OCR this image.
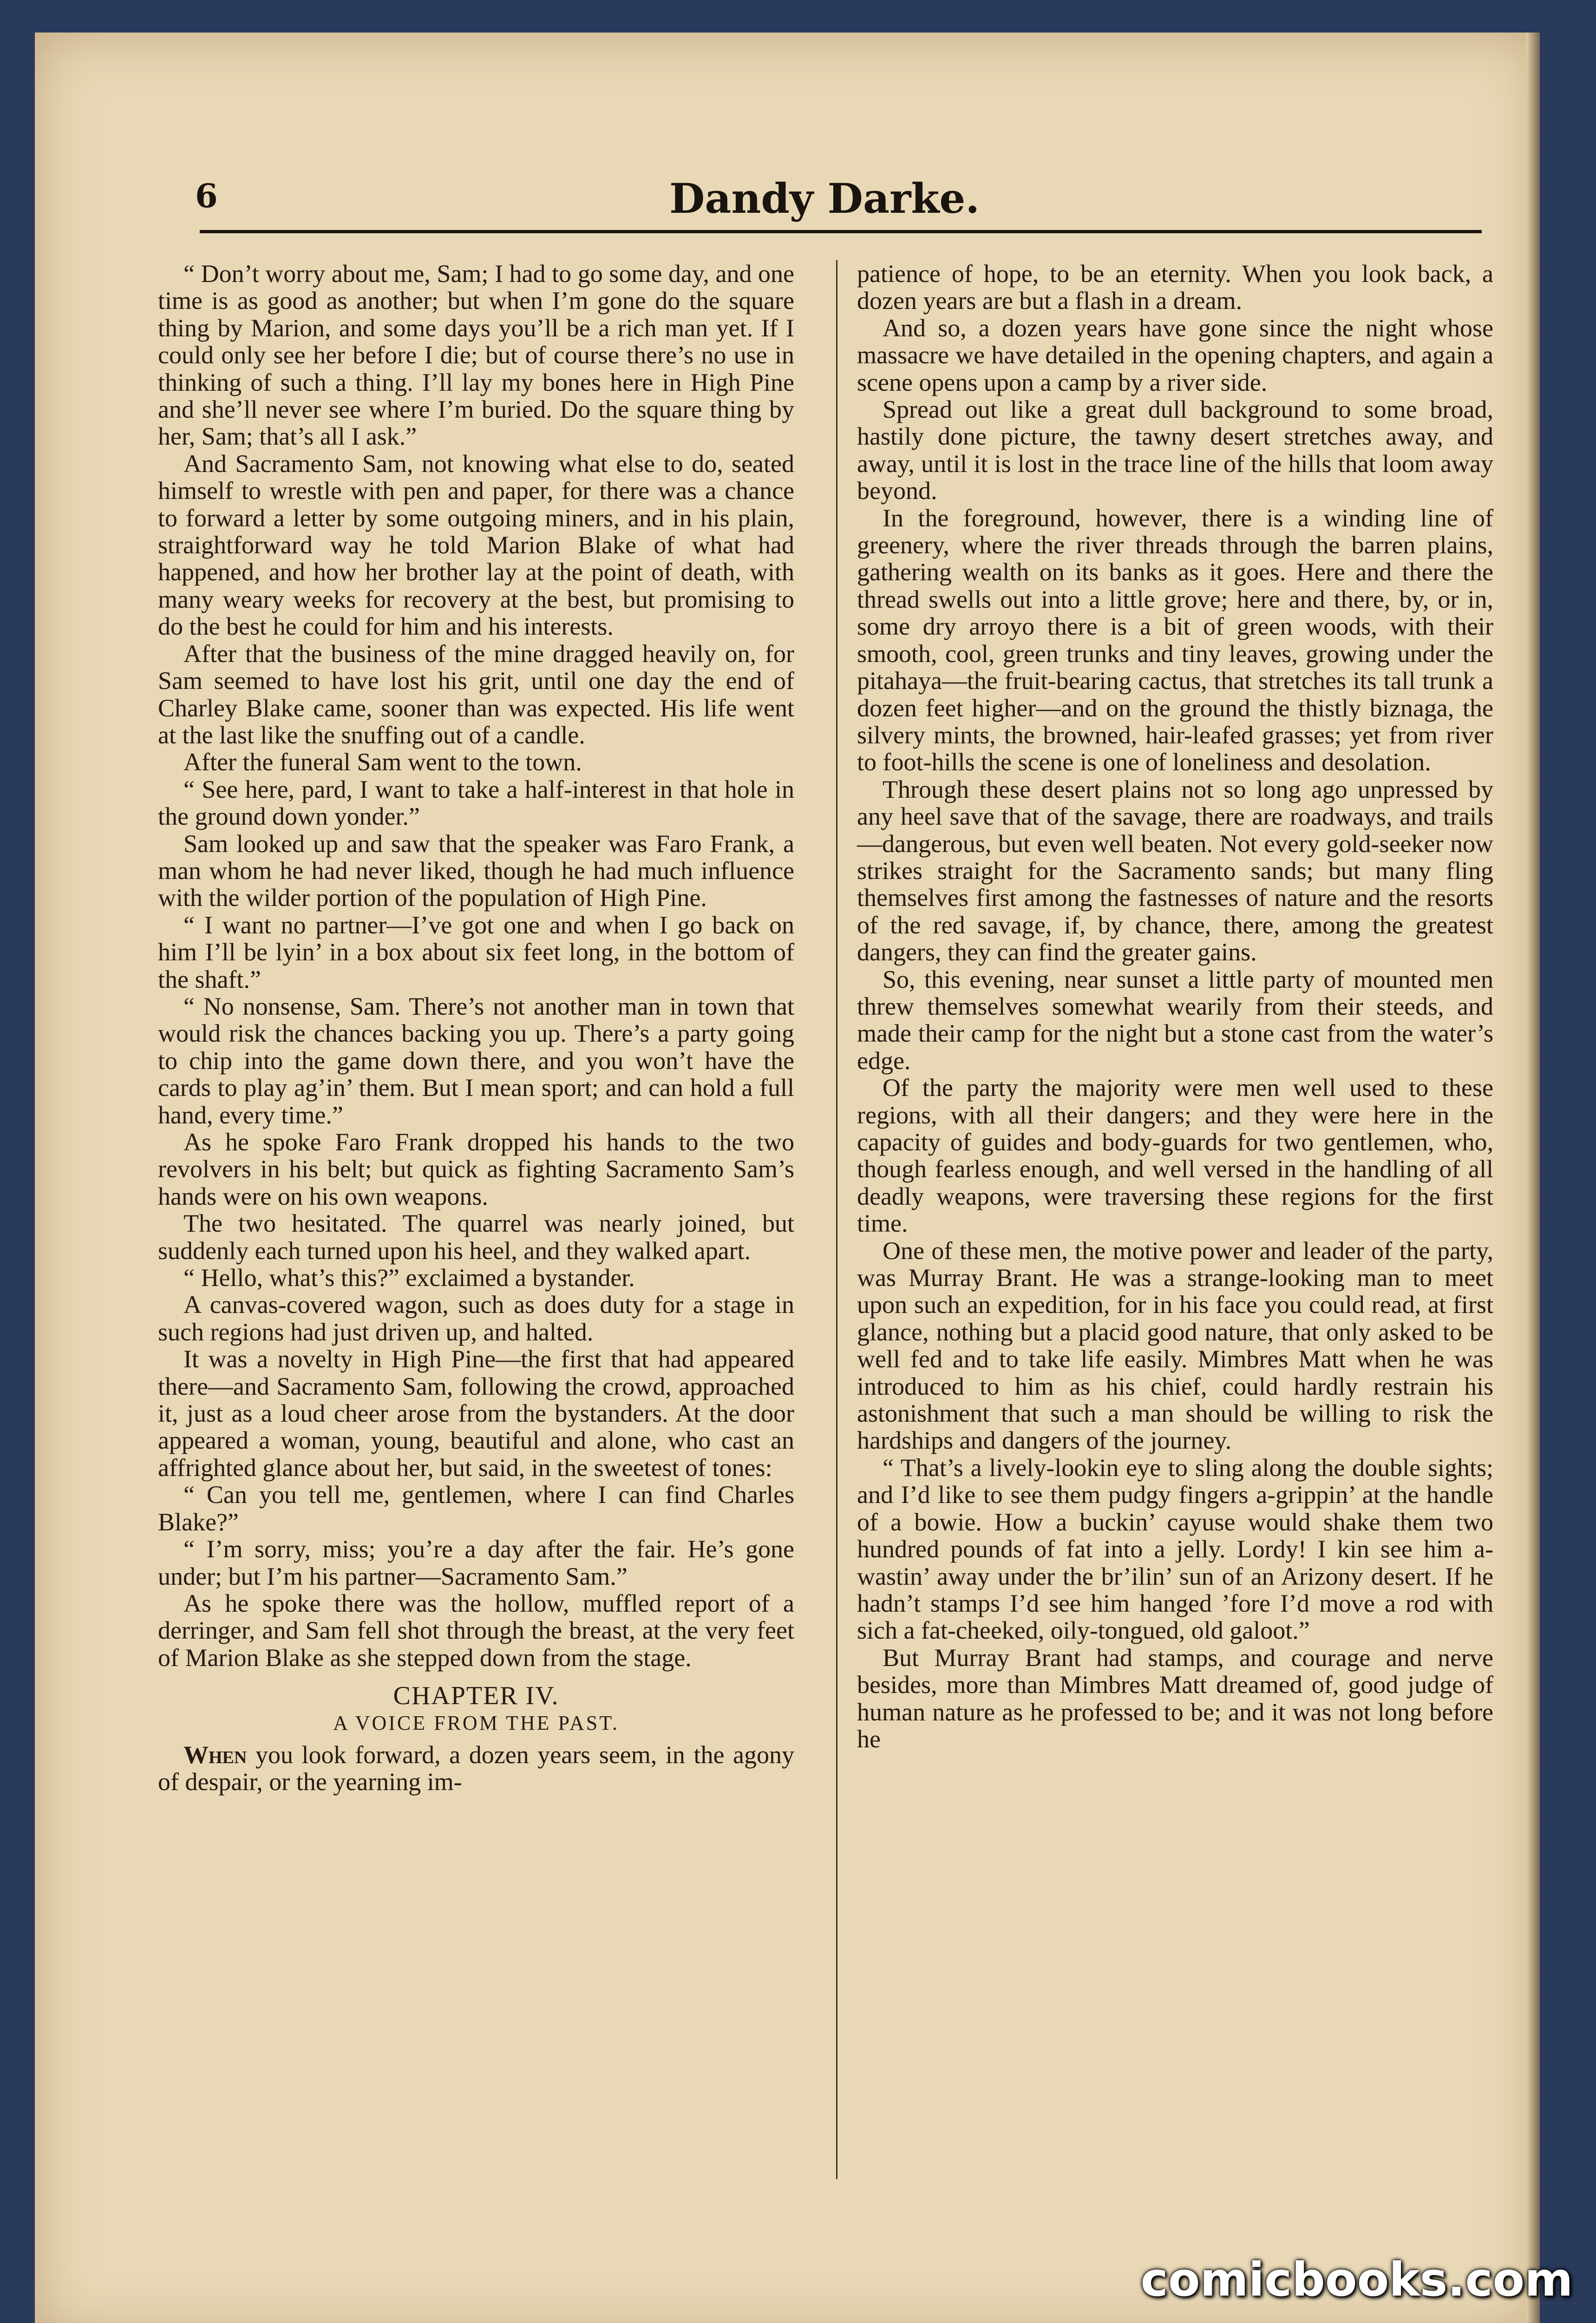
6	Dandy Darke.

“ Don’t worry about me, Sam; I had to go some day, and one time is as good as another; but when I’m gone do the square thing by Marion, and some days you’ll be a rich man yet. If I could only see her before I die; but of course there’s no use in thinking of such a thing. I’ll lay my bones here in High Pine and she’ll never see where I’m buried. Do the square thing by her, Sam; that’s all I ask.”

And Sacramento Sam, not knowing what else to do, seated himself to wrestle with pen and paper, for there was a chance to forward a letter by some outgoing miners, and in his plain, straightforward way he told Marion Blake of what had happened, and how her brother lay at the point of death, with many weary weeks for recovery at the best, but promising to do the best he could for him and his interests.

After that the business of the mine dragged heavily on, for Sam seemed to have lost his grit, until one day the end of Charley Blake came, sooner than was expected. His life went at the last like the snuffing out of a candle.

After the funeral Sam went to the town.

“ See here, pard, I want to take a half-interest in that hole in the ground down yonder.”

Sam looked up and saw that the speaker was Faro Frank, a man whom he had never liked, though he had much influence with the wilder portion of the population of High Pine.

“ I want no partner—I’ve got one and when I go back on him I’ll be lyin’ in a box about six feet long, in the bottom of the shaft.”

“ No nonsense, Sam. There’s not another man in town that would risk the chances backing you up. There’s a party going to chip into the game down there, and you won’t have the cards to play ag’in’ them. But I mean sport; and can hold a full hand, every time.”

As he spoke Faro Frank dropped his hands to the two revolvers in his belt; but quick as fighting Sacramento Sam’s hands were on his own weapons.

The two hesitated. The quarrel was nearly joined, but suddenly each turned upon his heel, and they walked apart.

“ Hello, what’s this?” exclaimed a bystander.

A canvas-covered wagon, such as does duty for a stage in such regions had just driven up, and halted.

It was a novelty in High Pine—the first that had appeared there—and Sacramento Sam, following the crowd, approached it, just as a loud cheer arose from the bystanders. At the door appeared a woman, young, beautiful and alone, who cast an affrighted glance about her, but said, in the sweetest of tones:

“ Can you tell me, gentlemen, where I can find Charles Blake?”

“ I’m sorry, miss; you’re a day after the fair. He’s gone under; but I’m his partner—Sacramento Sam.”

As he spoke there was the hollow, muffled report of a derringer, and Sam fell shot through the breast, at the very feet of Marion Blake as she stepped down from the stage.

CHAPTER IV.
A VOICE FROM THE PAST.

When you look forward, a dozen years seem, in the agony of despair, or the yearning im-

patience of hope, to be an eternity. When you look back, a dozen years are but a flash in a dream.

And so, a dozen years have gone since the night whose massacre we have detailed in the opening chapters, and again a scene opens upon a camp by a river side.

Spread out like a great dull background to some broad, hastily done picture, the tawny desert stretches away, and away, until it is lost in the trace line of the hills that loom away beyond.

In the foreground, however, there is a winding line of greenery, where the river threads through the barren plains, gathering wealth on its banks as it goes. Here and there the thread swells out into a little grove; here and there, by, or in, some dry arroyo there is a bit of green woods, with their smooth, cool, green trunks and tiny leaves, growing under the pitahaya—the fruit-bearing cactus, that stretches its tall trunk a dozen feet higher—and on the ground the thistly biznaga, the silvery mints, the browned, hair-leafed grasses; yet from river to foot-hills the scene is one of loneliness and desolation.

Through these desert plains not so long ago unpressed by any heel save that of the savage, there are roadways, and trails—dangerous, but even well beaten. Not every gold-seeker now strikes straight for the Sacramento sands; but many fling themselves first among the fastnesses of nature and the resorts of the red savage, if, by chance, there, among the greatest dangers, they can find the greater gains.

So, this evening, near sunset a little party of mounted men threw themselves somewhat wearily from their steeds, and made their camp for the night but a stone cast from the water’s edge.

Of the party the majority were men well used to these regions, with all their dangers; and they were here in the capacity of guides and body-guards for two gentlemen, who, though fearless enough, and well versed in the handling of all deadly weapons, were traversing these regions for the first time.

One of these men, the motive power and leader of the party, was Murray Brant. He was a strange-looking man to meet upon such an expedition, for in his face you could read, at first glance, nothing but a placid good nature, that only asked to be well fed and to take life easily. Mimbres Matt when he was introduced to him as his chief, could hardly restrain his astonishment that such a man should be willing to risk the hardships and dangers of the journey.

“ That’s a lively-lookin eye to sling along the double sights; and I’d like to see them pudgy fingers a-grippin’ at the handle of a bowie. How a buckin’ cayuse would shake them two hundred pounds of fat into a jelly. Lordy! I kin see him a-wastin’ away under the br’ilin’ sun of an Arizony desert. If he hadn’t stamps I’d see him hanged ’fore I’d move a rod with sich a fat-cheeked, oily-tongued, old galoot.”

But Murray Brant had stamps, and courage and nerve besides, more than Mimbres Matt dreamed of, good judge of human nature as he professed to be; and it was not long before he

comicbooks.com
